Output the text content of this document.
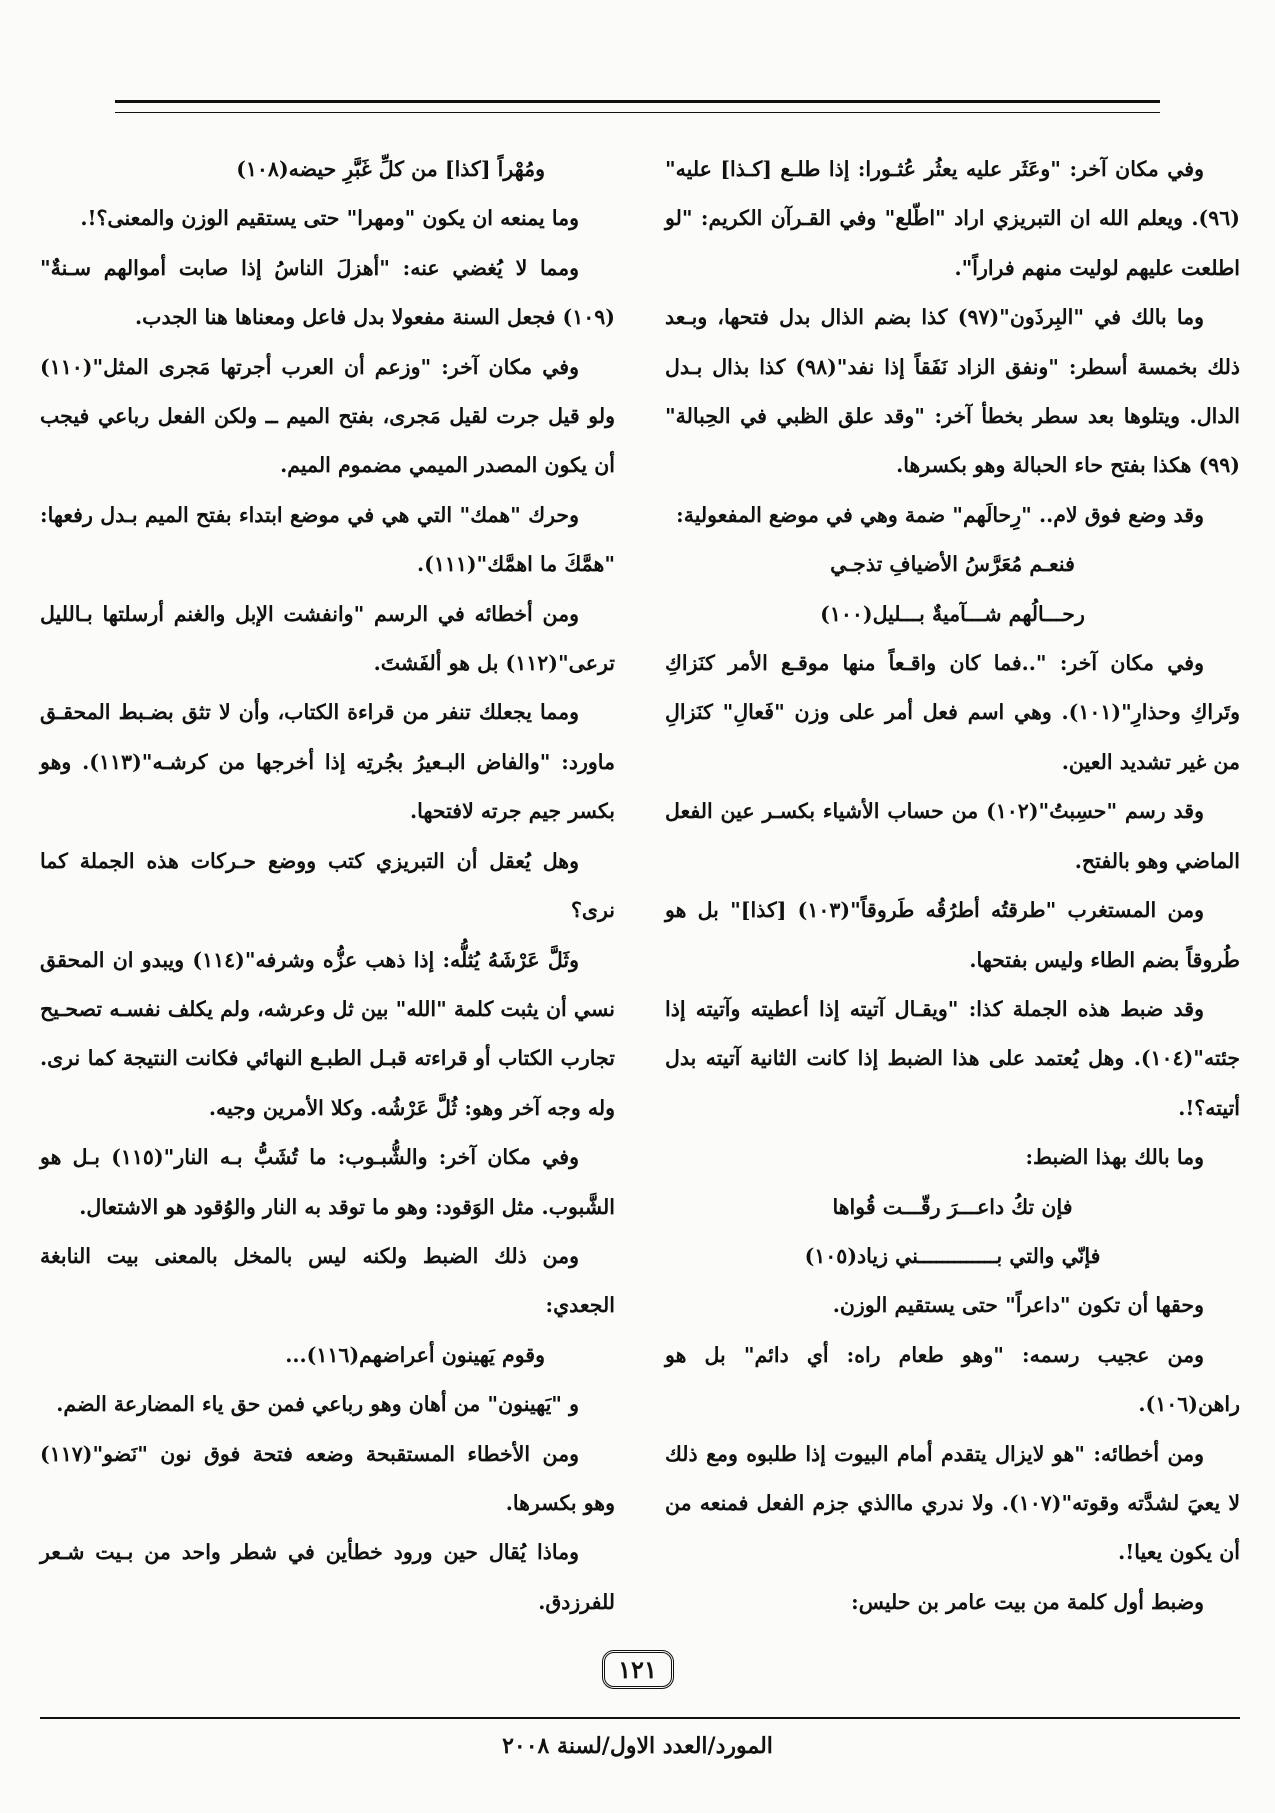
وفي مكان آخر: "وعَثَر عليه يعثُر عُثـورا: إذا طلـع [كـذا] عليه"(٩٦). ويعلم الله ان التبريزي اراد "اطّلع" وفي القـرآن الكريم: "لو اطلعت عليهم لوليت منهم فراراً".

وما بالك في "البِرذَون"(٩٧) كذا بضم الذال بدل فتحها، وبـعد ذلك بخمسة أسطر: "ونفق الزاد نَفَقاً إذا نفد"(٩٨) كذا بذال بـدل الدال. ويتلوها بعد سطر بخطأ آخر: "وقد علق الظبي في الحِبالة"(٩٩) هكذا بفتح حاء الحبالة وهو بكسرها.

وقد وضع فوق لام.. "رِحالَهم" ضمة وهي في موضع المفعولية:

فنعـم مُعَرَّسُ الأضيافِ تذجـي

رحـــالُهم شـــآميةٌ بـــليل(١٠٠)

وفي مكان آخر: "..فما كان واقـعاً منها موقـع الأمر كنَزاكِ وتَراكِ وحذارِ"(١٠١). وهي اسم فعل أمر على وزن "فَعالِ" كنَزالِ من غير تشديد العين.

وقد رسم "حسِبتُ"(١٠٢) من حساب الأشياء بكسـر عين الفعل الماضي وهو بالفتح.

ومن المستغرب "طرقتُه أطرُقُه طَروقاً"(١٠٣) [كذا]" بل هو طُروقاً بضم الطاء وليس بفتحها.

وقد ضبط هذه الجملة كذا: "ويقـال آتيته إذا أعطيته وآتيته إذا جئته"(١٠٤). وهل يُعتمد على هذا الضبط إذا كانت الثانية آتيته بدل أتيته؟!.

وما بالك بهذا الضبط:

فإن تكُ داعـــرَ رقّـــت قُواها

فإنّي والتي بـــــــــــــني زياد(١٠٥)

وحقها أن تكون "داعراً" حتى يستقيم الوزن.

ومن عجيب رسمه: "وهو طعام راه: أي دائم" بل هو راهن(١٠٦).

ومن أخطائه: "هو لايزال يتقدم أمام البيوت إذا طلبوه ومع ذلك لا يعيَ لشدَّته وقوته"(١٠٧). ولا ندري ماالذي جزم الفعل فمنعه من أن يكون يعيا!.

وضبط أول كلمة من بيت عامر بن حليس:

ومُهْراً [كذا] من كلِّ غَبَّرِ حيضه(١٠٨)

وما يمنعه ان يكون "ومهرا" حتى يستقيم الوزن والمعنى؟!.

ومما لا يُغضي عنه: "أهزلَ الناسُ إذا صابت أموالهم سـنةٌ"(١٠٩) فجعل السنة مفعولا بدل فاعل ومعناها هنا الجدب.

وفي مكان آخر: "وزعم أن العرب أجرتها مَجرى المثل"(١١٠) ولو قيل جرت لقيل مَجرى، بفتح الميم ــ ولكن الفعل رباعي فيجب أن يكون المصدر الميمي مضموم الميم.

وحرك "همك" التي هي في موضع ابتداء بفتح الميم بـدل رفعها: "همَّكَ ما اهمَّك"(١١١).

ومن أخطائه في الرسم "وانفشت الإبل والغنم أرسلتها بـالليل ترعى"(١١٢) بل هو ألفَشتَ.

ومما يجعلك تنفر من قراءة الكتاب، وأن لا تثق بضـبط المحقـق ماورد: "والفاض البـعيرُ بجُرتِه إذا أخرجها من كرشـه"(١١٣). وهو بكسر جيم جرته لافتحها.

وهل يُعقل أن التبريزي كتب ووضع حـركات هذه الجملة كما نرى؟

وثَلَّ عَرْشَهُ يُثلُّه: إذا ذهب عزُّه وشرفه"(١١٤) ويبدو ان المحقق نسي أن يثبت كلمة "الله" بين ثل وعرشه، ولم يكلف نفسـه تصحـيح تجارب الكتاب أو قراءته قبـل الطبـع النهائي فكانت النتيجة كما نرى. وله وجه آخر وهو: ثُلَّ عَرْشُه. وكلا الأمرين وجيه.

وفي مكان آخر: والشُّبـوب: ما تُشَبُّ بـه النار"(١١٥) بـل هو الشَّبوب. مثل الوَقود: وهو ما توقد به النار والوُقود هو الاشتعال.

ومن ذلك الضبط ولكنه ليس بالمخل بالمعنى بيت النابغة الجعدي:

وقوم يَهينون أعراضهم(١١٦)...

و "يَهينون" من أهان وهو رباعي فمن حق ياء المضارعة الضم.

ومن الأخطاء المستقبحة وضعه فتحة فوق نون "نَضو"(١١٧) وهو بكسرها.

وماذا يُقال حين ورود خطأين في شطر واحد من بـيت شـعر للفرزدق.

١٢١
المورد/العدد الاول/لسنة ٢٠٠٨
